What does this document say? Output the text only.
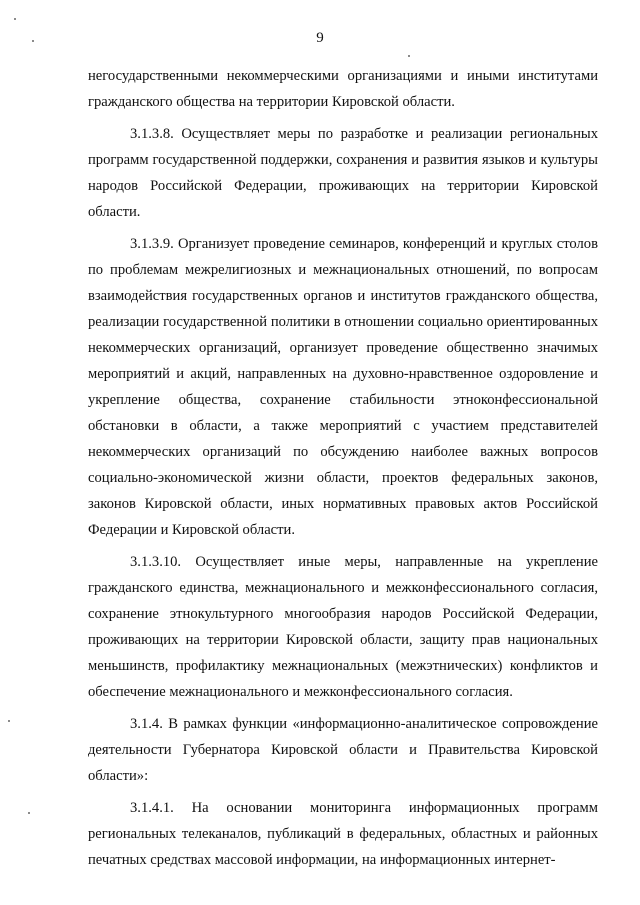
9

негосударственными некоммерческими организациями и иными институтами гражданского общества на территории Кировской области.

3.1.3.8. Осуществляет меры по разработке и реализации региональных программ государственной поддержки, сохранения и развития языков и культуры народов Российской Федерации, проживающих на территории Кировской области.

3.1.3.9. Организует проведение семинаров, конференций и круглых столов по проблемам межрелигиозных и межнациональных отношений, по вопросам взаимодействия государственных органов и институтов гражданского общества, реализации государственной политики в отношении социально ориентированных некоммерческих организаций, организует проведение общественно значимых мероприятий и акций, направленных на духовно-нравственное оздоровление и укрепление общества, сохранение стабильности этноконфессиональной обстановки в области, а также мероприятий с участием представителей некоммерческих организаций по обсуждению наиболее важных вопросов социально-экономической жизни области, проектов федеральных законов, законов Кировской области, иных нормативных правовых актов Российской Федерации и Кировской области.

3.1.3.10. Осуществляет иные меры, направленные на укрепление гражданского единства, межнационального и межконфессионального согласия, сохранение этнокультурного многообразия народов Российской Федерации, проживающих на территории Кировской области, защиту прав национальных меньшинств, профилактику межнациональных (межэтнических) конфликтов и обеспечение межнационального и межконфессионального согласия.

3.1.4. В рамках функции «информационно-аналитическое сопровождение деятельности Губернатора Кировской области и Правительства Кировской области»:

3.1.4.1. На основании мониторинга информационных программ региональных телеканалов, публикаций в федеральных, областных и районных печатных средствах массовой информации, на информационных интернет-
